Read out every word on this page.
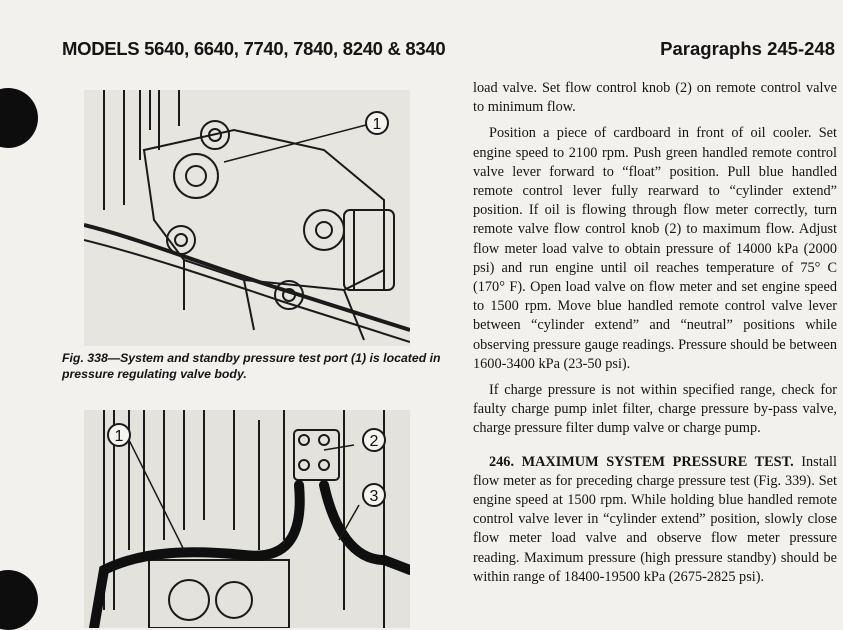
MODELS 5640, 6640, 7740, 7840, 8240 & 8340	Paragraphs 245-248
1
Fig. 338—System and standby pressure test port (1) is located in pressure regulating valve body.
1	2
3

load valve. Set flow control knob (2) on remote control valve to minimum flow.

Position a piece of cardboard in front of oil cooler. Set engine speed to 2100 rpm. Push green handled remote control valve lever forward to “float” position. Pull blue handled remote control lever fully rearward to “cylinder extend” position. If oil is flowing through flow meter correctly, turn remote valve flow control knob (2) to maximum flow. Adjust flow meter load valve to obtain pressure of 14000 kPa (2000 psi) and run engine until oil reaches temperature of 75° C (170° F). Open load valve on flow meter and set engine speed to 1500 rpm. Move blue handled remote control valve lever between “cylinder extend” and “neutral” positions while observing pressure gauge readings. Pressure should be between 1600-3400 kPa (23-50 psi).

If charge pressure is not within specified range, check for faulty charge pump inlet filter, charge pressure by-pass valve, charge pressure filter dump valve or charge pump.

246. MAXIMUM SYSTEM PRESSURE TEST. Install flow meter as for preceding charge pressure test (Fig. 339). Set engine speed at 1500 rpm. While holding blue handled remote control valve lever in “cylinder extend” position, slowly close flow meter load valve and observe flow meter pressure reading. Maximum pressure (high pressure standby) should be within range of 18400-19500 kPa (2675-2825 psi).
